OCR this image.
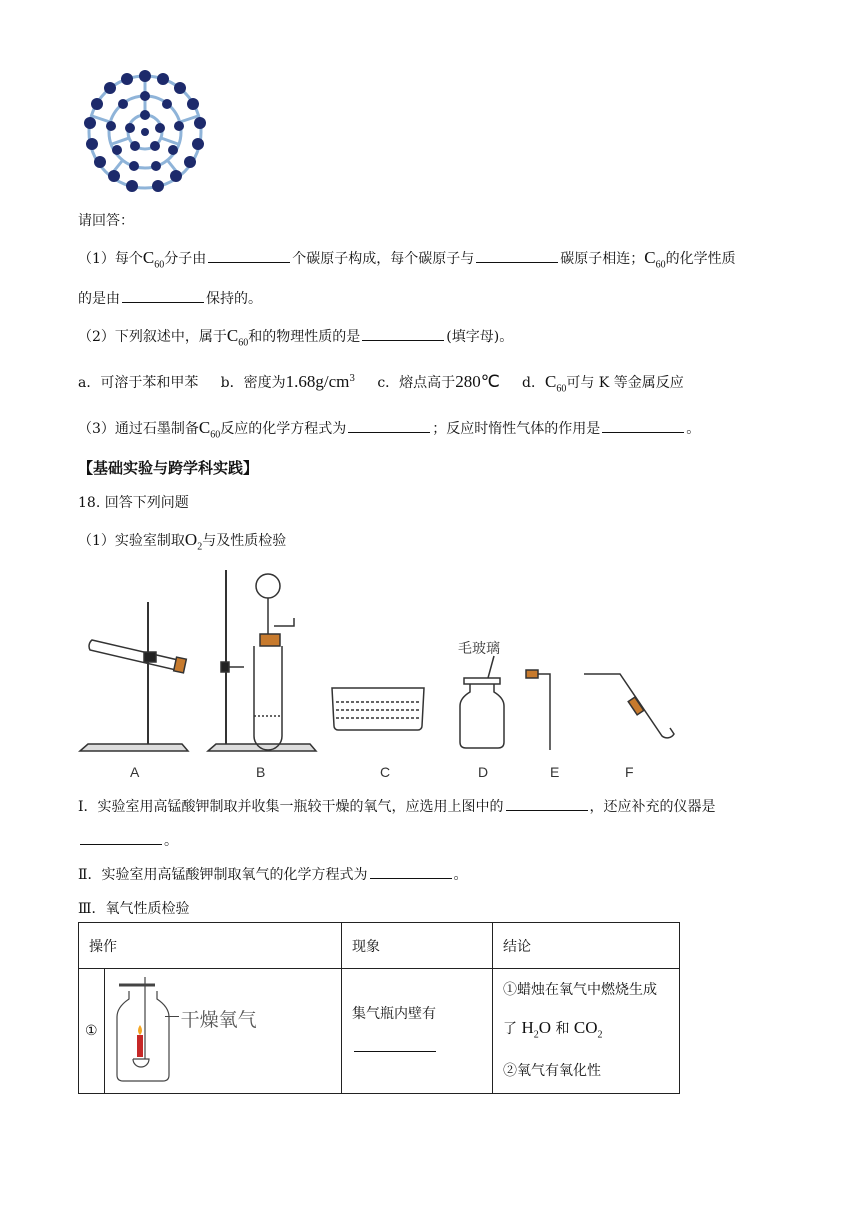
请回答：
（1）每个$C_{60}$分子由	个碳原子构成，每个碳原子与	碳原子相连；$C_{60}$的化学性质
的是由	保持的。
（2）下列叙述中，属于$C_{60}$和的物理性质的是	(填字母)。
a．可溶于苯和甲苯 b．密度为$1.68g/cm^3$ c．熔点高于280℃ d．$C_{60}$可与 K 等金属反应
（3）通过石墨制备$C_{60}$反应的化学方程式为	；反应时惰性气体的作用是	。
【基础实验与跨学科实践】
18. 回答下列问题
（1）实验室制取$O_2$与及性质检验
毛玻璃
A	B	C	D	E	F
Ⅰ．实验室用高锰酸钾制取并收集一瓶较干燥的氧气，应选用上图中的	，还应补充的仪器是
。
Ⅱ．实验室用高锰酸钾制取氧气的化学方程式为	。
Ⅲ．氧气性质检验
操作		现象	结论
①	干燥氧气	集气瓶内壁有	①蜡烛在氧气中燃烧生成
了 $H_2O$ 和 $CO_2$
②氧气有氧化性
